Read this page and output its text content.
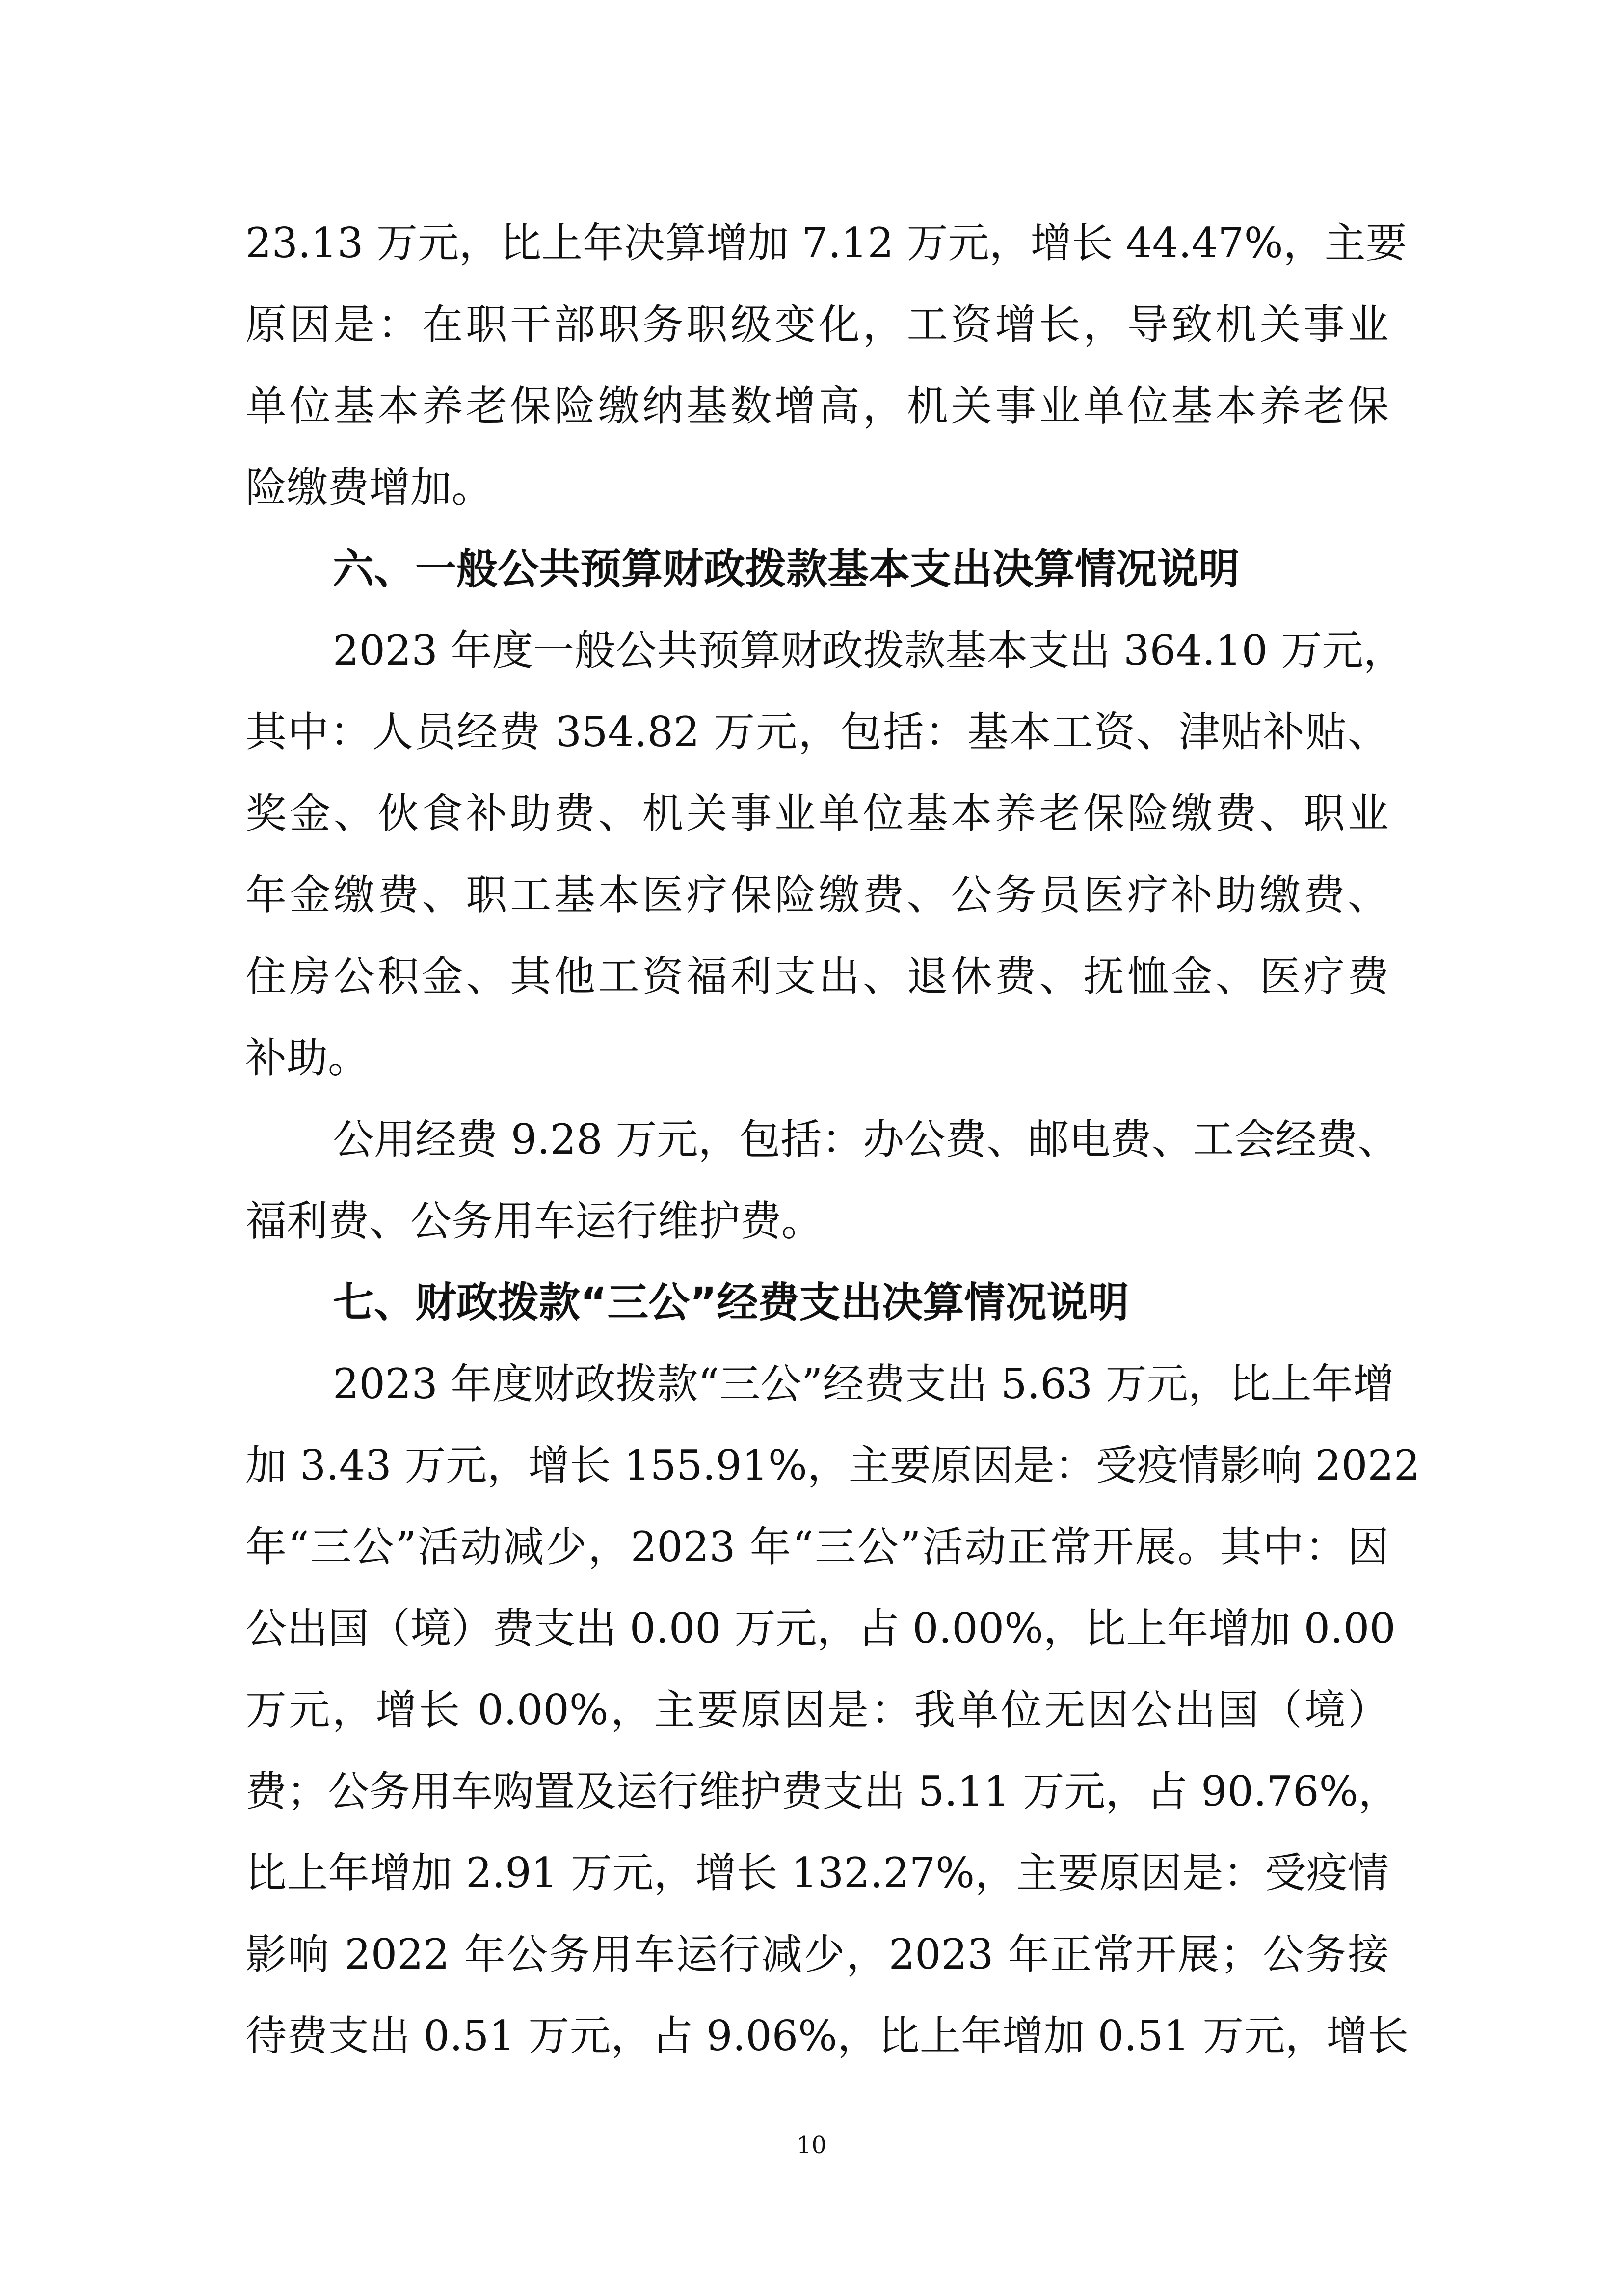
23.13 万元，比上年决算增加 7.12 万元，增长 44.47%，主要
原因是：在职干部职务职级变化，工资增长，导致机关事业
单位基本养老保险缴纳基数增高，机关事业单位基本养老保
险缴费增加。
六、一般公共预算财政拨款基本支出决算情况说明
2023 年度一般公共预算财政拨款基本支出 364.10 万元，
其中：人员经费 354.82 万元，包括：基本工资、津贴补贴、
奖金、伙食补助费、机关事业单位基本养老保险缴费、职业
年金缴费、职工基本医疗保险缴费、公务员医疗补助缴费、
住房公积金、其他工资福利支出、退休费、抚恤金、医疗费
补助。
公用经费 9.28 万元，包括：办公费、邮电费、工会经费、
福利费、公务用车运行维护费。
七、财政拨款“三公”经费支出决算情况说明
2023 年度财政拨款“三公”经费支出 5.63 万元，比上年增
加 3.43 万元，增长 155.91%，主要原因是：受疫情影响 2022
年“三公”活动减少，2023 年“三公”活动正常开展。其中：因
公出国（境）费支出 0.00 万元，占 0.00%，比上年增加 0.00
万元，增长 0.00%，主要原因是：我单位无因公出国（境）
费；公务用车购置及运行维护费支出 5.11 万元，占 90.76%，
比上年增加 2.91 万元，增长 132.27%，主要原因是：受疫情
影响 2022 年公务用车运行减少，2023 年正常开展；公务接
待费支出 0.51 万元，占 9.06%，比上年增加 0.51 万元，增长
10
